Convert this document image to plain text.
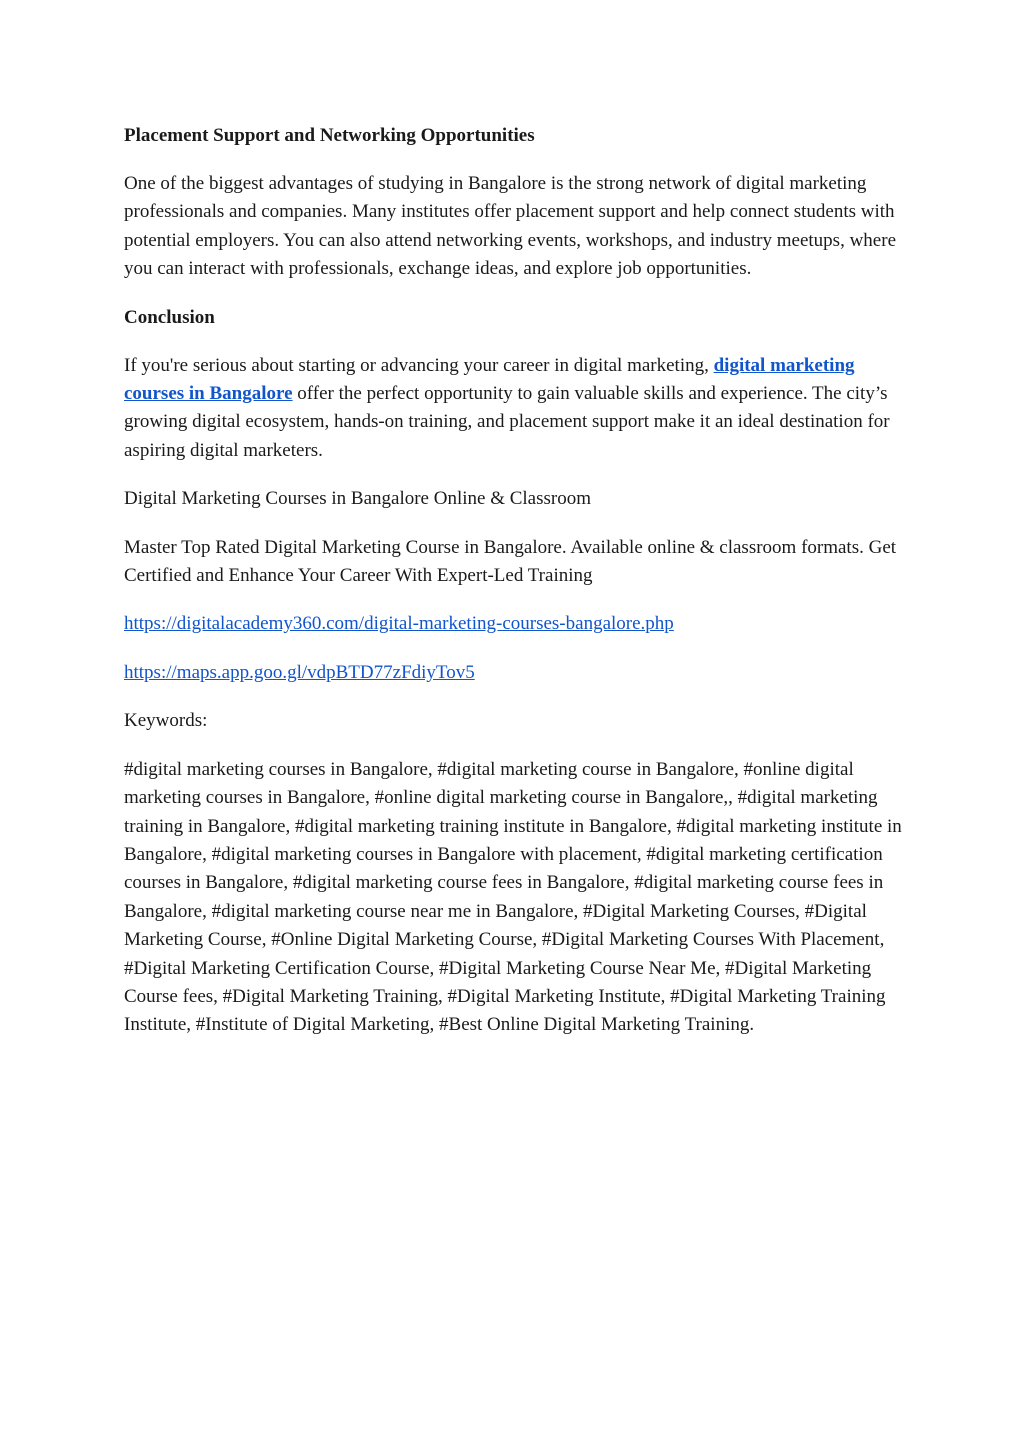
Placement Support and Networking Opportunities
One of the biggest advantages of studying in Bangalore is the strong network of digital marketing professionals and companies. Many institutes offer placement support and help connect students with potential employers. You can also attend networking events, workshops, and industry meetups, where you can interact with professionals, exchange ideas, and explore job opportunities.
Conclusion
If you're serious about starting or advancing your career in digital marketing, digital marketing courses in Bangalore offer the perfect opportunity to gain valuable skills and experience. The city’s growing digital ecosystem, hands-on training, and placement support make it an ideal destination for aspiring digital marketers.
Digital Marketing Courses in Bangalore Online & Classroom
Master Top Rated Digital Marketing Course in Bangalore. Available online & classroom formats. Get Certified and Enhance Your Career With Expert-Led Training
https://digitalacademy360.com/digital-marketing-courses-bangalore.php
https://maps.app.goo.gl/vdpBTD77zFdiyTov5
Keywords:
#digital marketing courses in Bangalore, #digital marketing course in Bangalore, #online digital marketing courses in Bangalore, #online digital marketing course in Bangalore,, #digital marketing training in Bangalore, #digital marketing training institute in Bangalore, #digital marketing institute in Bangalore, #digital marketing courses in Bangalore with placement, #digital marketing certification courses in Bangalore, #digital marketing course fees in Bangalore, #digital marketing course fees in Bangalore, #digital marketing course near me in Bangalore, #Digital Marketing Courses, #Digital Marketing Course, #Online Digital Marketing Course, #Digital Marketing Courses With Placement, #Digital Marketing Certification Course, #Digital Marketing Course Near Me, #Digital Marketing Course fees, #Digital Marketing Training, #Digital Marketing Institute, #Digital Marketing Training Institute, #Institute of Digital Marketing, #Best Online Digital Marketing Training.
